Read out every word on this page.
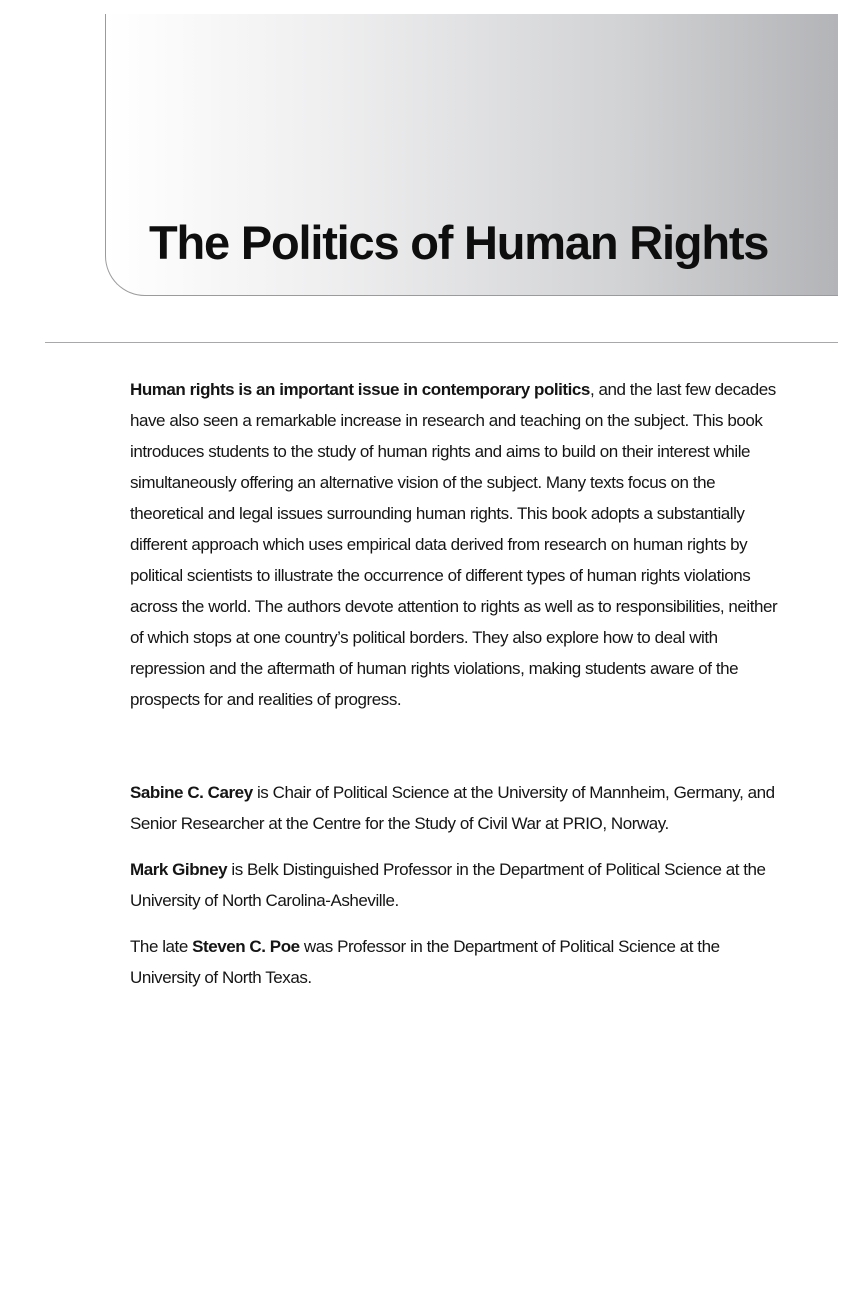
The Politics of Human Rights

Human rights is an important issue in contemporary politics, and the last few decades have also seen a remarkable increase in research and teaching on the subject. This book introduces students to the study of human rights and aims to build on their interest while simultaneously offering an alternative vision of the subject. Many texts focus on the theoretical and legal issues surrounding human rights. This book adopts a substantially different approach which uses empirical data derived from research on human rights by political scientists to illustrate the occurrence of different types of human rights violations across the world. The authors devote attention to rights as well as to responsibilities, neither of which stops at one country’s political borders. They also explore how to deal with repression and the aftermath of human rights violations, making students aware of the prospects for and realities of progress.

Sabine C. Carey is Chair of Political Science at the University of Mannheim, Germany, and Senior Researcher at the Centre for the Study of Civil War at PRIO, Norway.

Mark Gibney is Belk Distinguished Professor in the Department of Political Science at the University of North Carolina-Asheville.

The late Steven C. Poe was Professor in the Department of Political Science at the University of North Texas.
